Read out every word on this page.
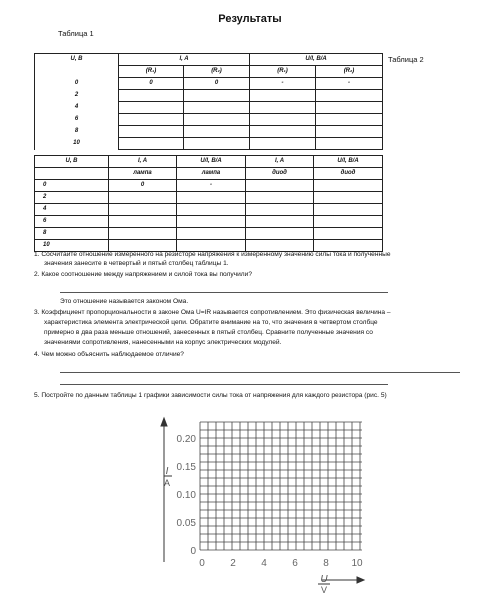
Результаты
Таблица 1
Таблица 2
U, В	I, A		U/I, В/А	
	(R₁)	(R₂)	(R₁)	(R₂)
0	0	0	-	-
2				
4				
6				
8				
10				
U, В	I, A	U/I, В/А	I, A	U/I, В/А
	лампа	лампа	диод	диод
0	0	-		
2				
4				
6				
8				
10				
1. Сосчитайте отношение измеренного на резисторе напряжения к измеренному значению силы тока и полученные
значения занесите в четвертый и пятый столбец таблицы 1.
2. Какое соотношение между напряжением и силой тока вы получили?
Это отношение называется законом Ома.
3. Коэффициент пропорциональности в законе Ома U=IR называется сопротивлением. Это физическая величина –
характеристика элемента электрической цепи. Обратите внимание на то, что значения в четвертом столбце
примерно в два раза меньше отношений, занесенных в пятый столбец. Сравните полученные значения со
значениями сопротивления, нанесенными на корпус электрических модулей.
4. Чем можно объяснить наблюдаемое отличие?
5. Постройте по данным таблицы 1 графики зависимости силы тока от напряжения для каждого резистора (рис. 5)
I
A
U
V
0.20
0.15
0.10
0.05
0
0	2	4	6	8 10
